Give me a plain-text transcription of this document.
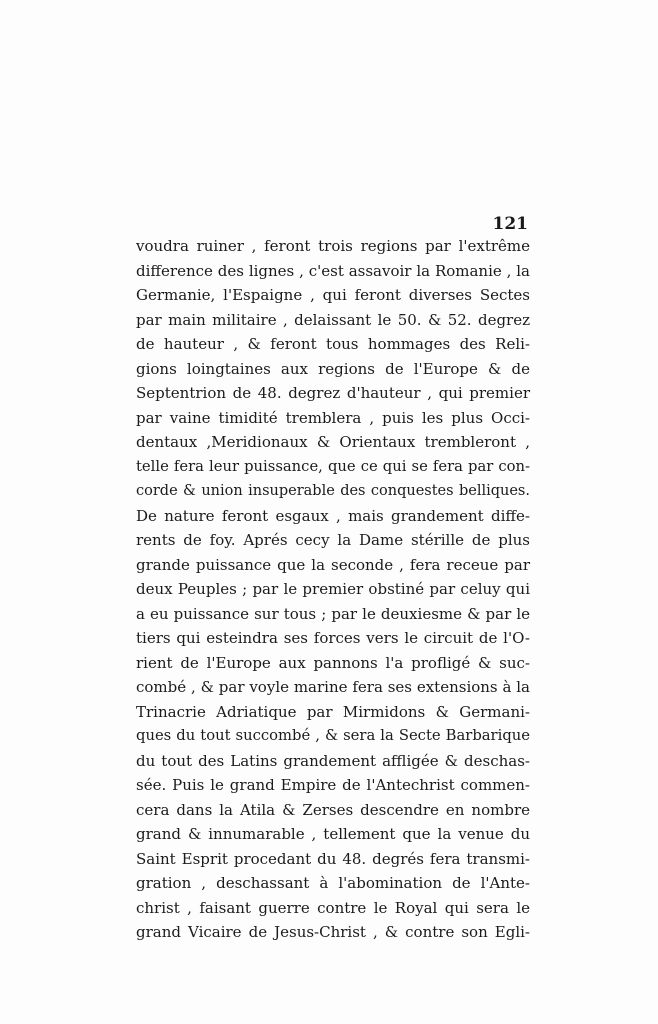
121
voudra ruiner , feront trois regions par l'extrême
difference des lignes , c'est assavoir la Romanie , la
Germanie, l'Espaigne , qui feront diverses Sectes
par main militaire , delaissant le 50. & 52. degrez
de hauteur , & feront tous hommages des Reli-
gions loingtaines aux regions de l'Europe & de
Septentrion de 48. degrez d'hauteur , qui premier
par vaine timidité tremblera , puis les plus Occi-
dentaux ,Meridionaux & Orientaux trembleront ,
telle fera leur puissance, que ce qui se fera par con-
corde & union insuperable des conquestes belliques.
De nature feront esgaux , mais grandement diffe-
rents de foy. Aprés cecy la Dame stérille de plus
grande puissance que la seconde , fera receue par
deux Peuples ; par le premier obstiné par celuy qui
a eu puissance sur tous ; par le deuxiesme & par le
tiers qui esteindra ses forces vers le circuit de l'O-
rient de l'Europe aux pannons l'a profligé & suc-
combé , & par voyle marine fera ses extensions à la
Trinacrie Adriatique par Mirmidons & Germani-
ques du tout succombé , & sera la Secte Barbarique
du tout des Latins grandement affligée & deschas-
sée. Puis le grand Empire de l'Antechrist commen-
cera dans la Atila & Zerses descendre en nombre
grand & innumarable , tellement que la venue du
Saint Esprit procedant du 48. degrés fera transmi-
gration , deschassant à l'abomination de l'Ante-
christ , faisant guerre contre le Royal qui sera le
grand Vicaire de Jesus-Christ , & contre son Egli-
